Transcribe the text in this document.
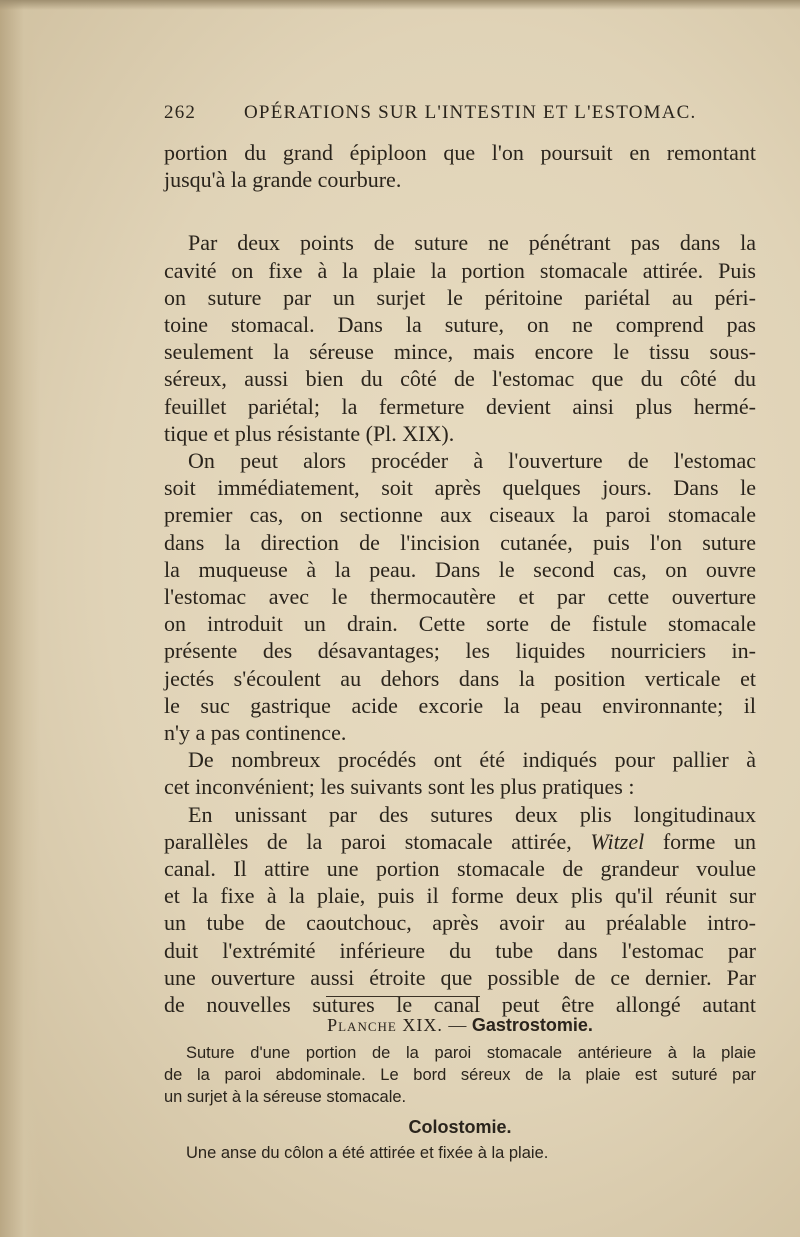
262	OPÉRATIONS SUR L'INTESTIN ET L'ESTOMAC.

portion du grand épiploon que l'on poursuit en remontant
jusqu'à la grande courbure.

Par deux points de suture ne pénétrant pas dans la
cavité on fixe à la plaie la portion stomacale attirée. Puis
on suture par un surjet le péritoine pariétal au péri-
toine stomacal. Dans la suture, on ne comprend pas
seulement la séreuse mince, mais encore le tissu sous-
séreux, aussi bien du côté de l'estomac que du côté du
feuillet pariétal; la fermeture devient ainsi plus hermé-
tique et plus résistante (Pl. XIX).

On peut alors procéder à l'ouverture de l'estomac
soit immédiatement, soit après quelques jours. Dans le
premier cas, on sectionne aux ciseaux la paroi stomacale
dans la direction de l'incision cutanée, puis l'on suture
la muqueuse à la peau. Dans le second cas, on ouvre
l'estomac avec le thermocautère et par cette ouverture
on introduit un drain. Cette sorte de fistule stomacale
présente des désavantages; les liquides nourriciers in-
jectés s'écoulent au dehors dans la position verticale et
le suc gastrique acide excorie la peau environnante; il
n'y a pas continence.

De nombreux procédés ont été indiqués pour pallier à
cet inconvénient; les suivants sont les plus pratiques :

En unissant par des sutures deux plis longitudinaux
parallèles de la paroi stomacale attirée, Witzel forme un
canal. Il attire une portion stomacale de grandeur voulue
et la fixe à la plaie, puis il forme deux plis qu'il réunit sur
un tube de caoutchouc, après avoir au préalable intro-
duit l'extrémité inférieure du tube dans l'estomac par
une ouverture aussi étroite que possible de ce dernier. Par
de nouvelles sutures le canal peut être allongé autant

Planche XIX. — Gastrostomie.
Suture d'une portion de la paroi stomacale antérieure à la plaie
de la paroi abdominale. Le bord séreux de la plaie est suturé par
un surjet à la séreuse stomacale.
Colostomie.
Une anse du côlon a été attirée et fixée à la plaie.
